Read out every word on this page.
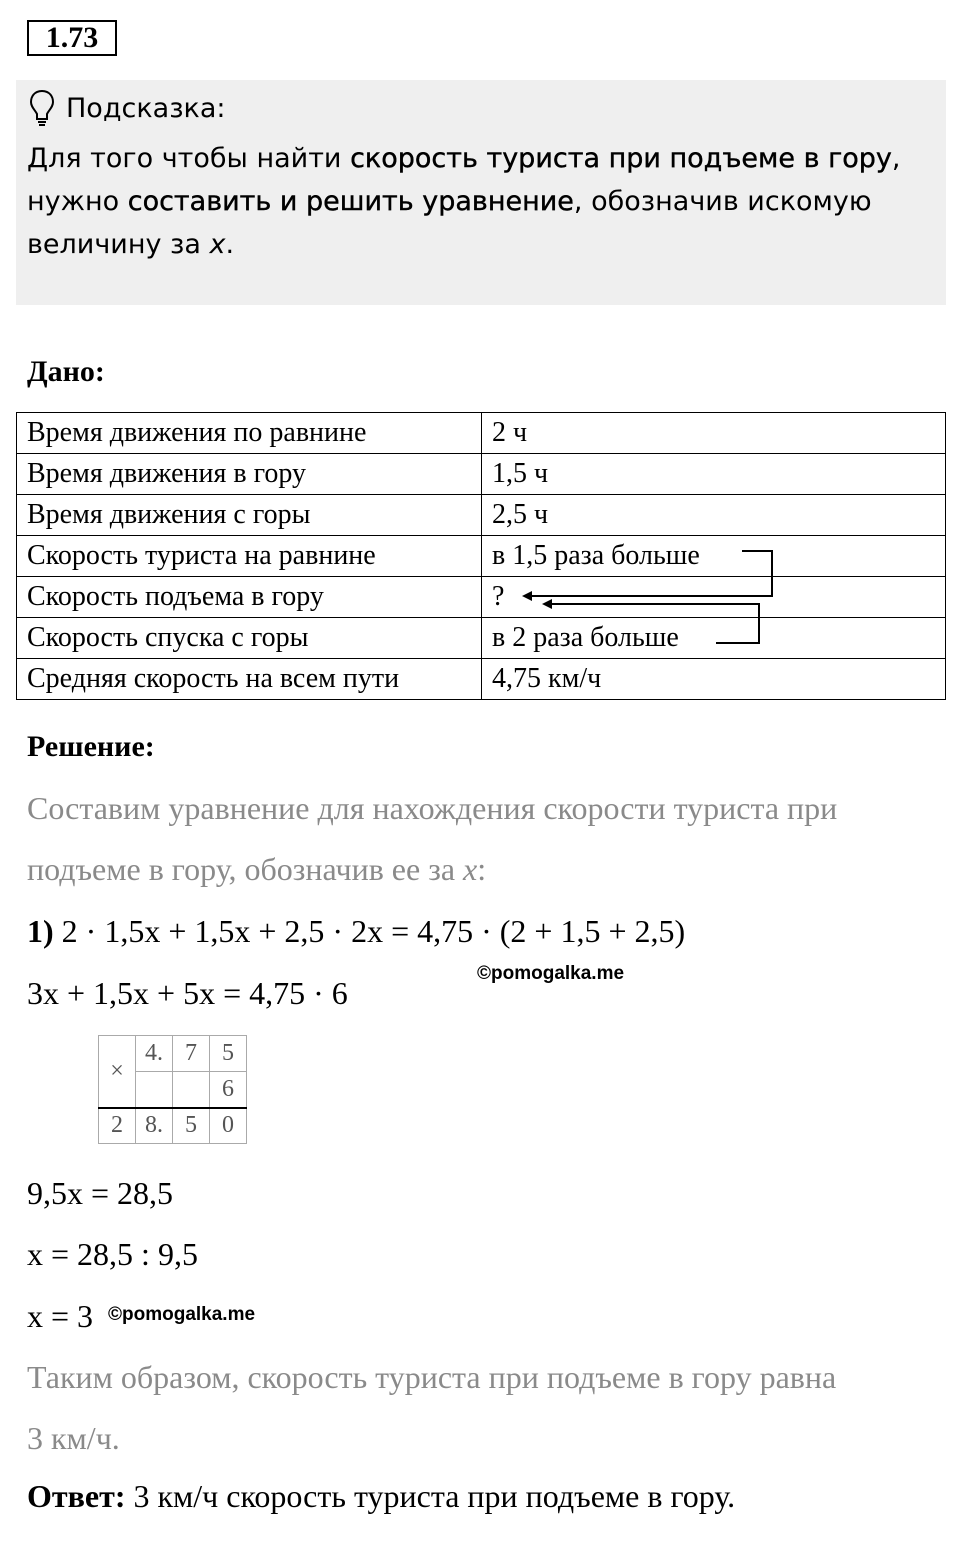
1.73
Подсказка:
Для того чтобы найти скорость туриста при подъеме в гору,
нужно составить и решить уравнение, обозначив искомую
величину за x.
Дано:
Время движения по равнине	2 ч
Время движения в гору	1,5 ч
Время движения с горы	2,5 ч
Скорость туриста на равнине	в 1,5 раза больше
Скорость подъема в гору	?
Скорость спуска с горы	в 2 раза больше
Средняя скорость на всем пути	4,75 км/ч
Решение:
Составим уравнение для нахождения скорости туриста при
подъеме в гору, обозначив ее за x:
1) 2 · 1,5x + 1,5x + 2,5 · 2x = 4,75 · (2 + 1,5 + 2,5)
3x + 1,5x + 5x = 4,75 · 6
©pomogalka.me
×	4.	7	5
			6
2	8.	5	0
9,5x = 28,5
x = 28,5 : 9,5
x = 3 ©pomogalka.me
Таким образом, скорость туриста при подъеме в гору равна
3 км/ч.
Ответ: 3 км/ч скорость туриста при подъеме в гору.
